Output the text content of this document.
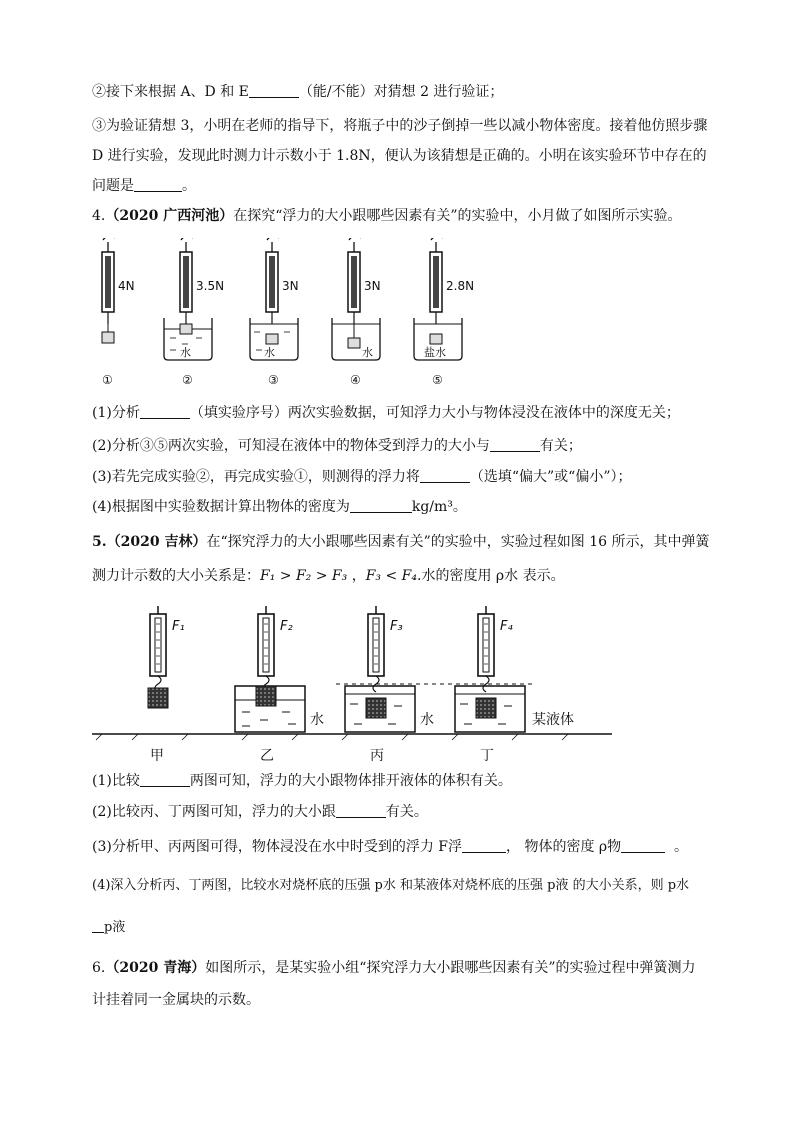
②接下来根据 A、D 和 E	（能/不能）对猜想 2 进行验证；
③为验证猜想 3，小明在老师的指导下，将瓶子中的沙子倒掉一些以减小物体密度。接着他仿照步骤
D 进行实验，发现此时测力计示数小于 1.8N，便认为该猜想是正确的。小明在该实验环节中存在的
问题是	。
4.（2020 广西河池）在探究“浮力的大小跟哪些因素有关”的实验中，小月做了如图所示实验。
4N	3.5N	3N	3N	2.8N
水	水	水	盐水
①	②	③	④	⑤
(1)分析	（填实验序号）两次实验数据，可知浮力大小与物体浸没在液体中的深度无关；
(2)分析③⑤两次实验，可知浸在液体中的物体受到浮力的大小与	有关；
(3)若先完成实验②，再完成实验①，则测得的浮力将	（选填“偏大”或“偏小”）；
(4)根据图中实验数据计算出物体的密度为	kg/m³。
5.（2020 吉林）在“探究浮力的大小跟哪些因素有关”的实验中，实验过程如图 16 所示，其中弹簧
测力计示数的大小关系是：F₁ > F₂ > F₃ ，F₃ < F₄.水的密度用 ρ水 表示。
F₁	F₂	F₃	F₄
水	水	某液体
甲	乙	丙	丁
(1)比较	两图可知，浮力的大小跟物体排开液体的体积有关。
(2)比较丙、丁两图可知，浮力的大小跟	有关。
(3)分析甲、丙两图可得，物体浸没在水中时受到的浮力 F浮	， 物体的密度 ρ物	。
(4)深入分析丙、丁两图，比较水对烧杯底的压强 p水 和某液体对烧杯底的压强 p液 的大小关系，则 p水
p液
6.（2020 青海）如图所示，是某实验小组“探究浮力大小跟哪些因素有关”的实验过程中弹簧测力
计挂着同一金属块的示数。
